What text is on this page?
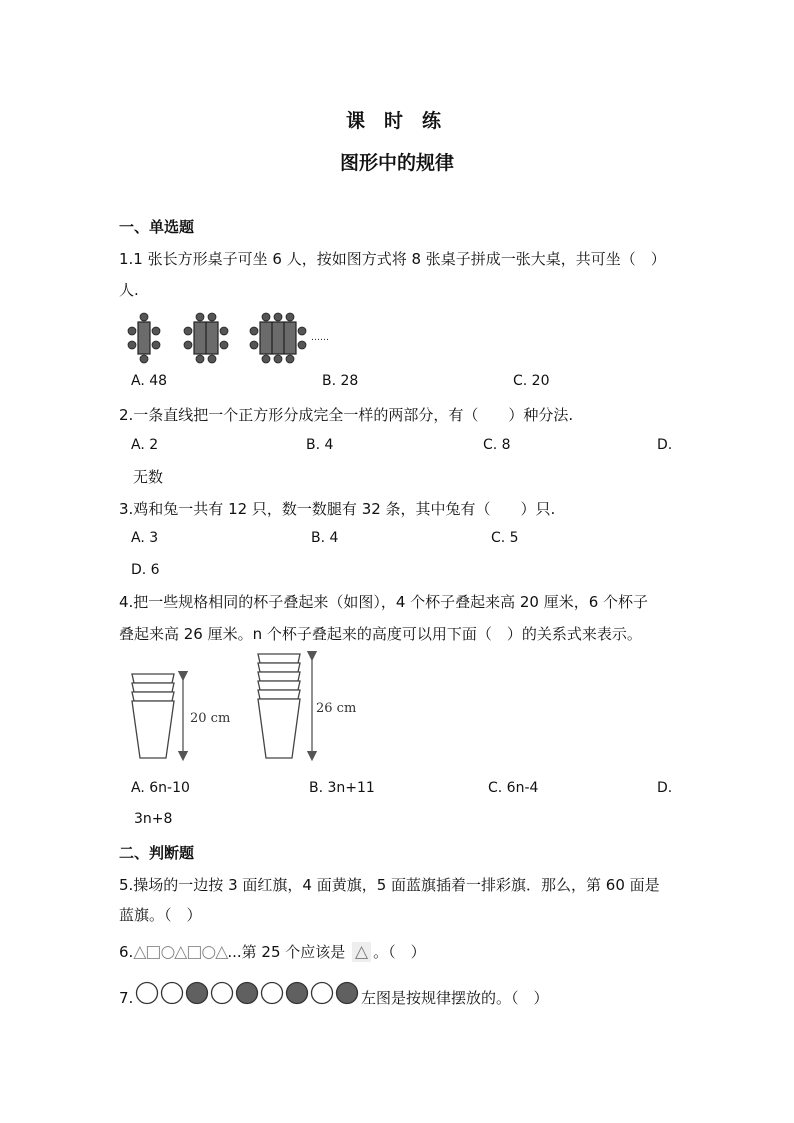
课　时　练
图形中的规律
一、单选题
1.1 张长方形桌子可坐 6 人，按如图方式将 8 张桌子拼成一张大桌，共可坐（　）
人.
……
A. 48	B. 28	C. 20
2.一条直线把一个正方形分成完全一样的两部分，有（　　）种分法.
A. 2	B. 4	C. 8	D.
无数
3.鸡和兔一共有 12 只，数一数腿有 32 条，其中兔有（　　）只.
A. 3	B. 4	C. 5
D. 6
4.把一些规格相同的杯子叠起来（如图），4 个杯子叠起来高 20 厘米，6 个杯子
叠起来高 26 厘米。n 个杯子叠起来的高度可以用下面（　）的关系式来表示。
20 cm
26 cm
A. 6n-10	B. 3n+11	C. 6n-4	D.
3n+8
二、判断题
5.操场的一边按 3 面红旗，4 面黄旗，5 面蓝旗插着一排彩旗．那么，第 60 面是
蓝旗。（　）
6.△□○△□○△...第 25 个应该是 △ 。（　）
7.	左图是按规律摆放的。（　）
